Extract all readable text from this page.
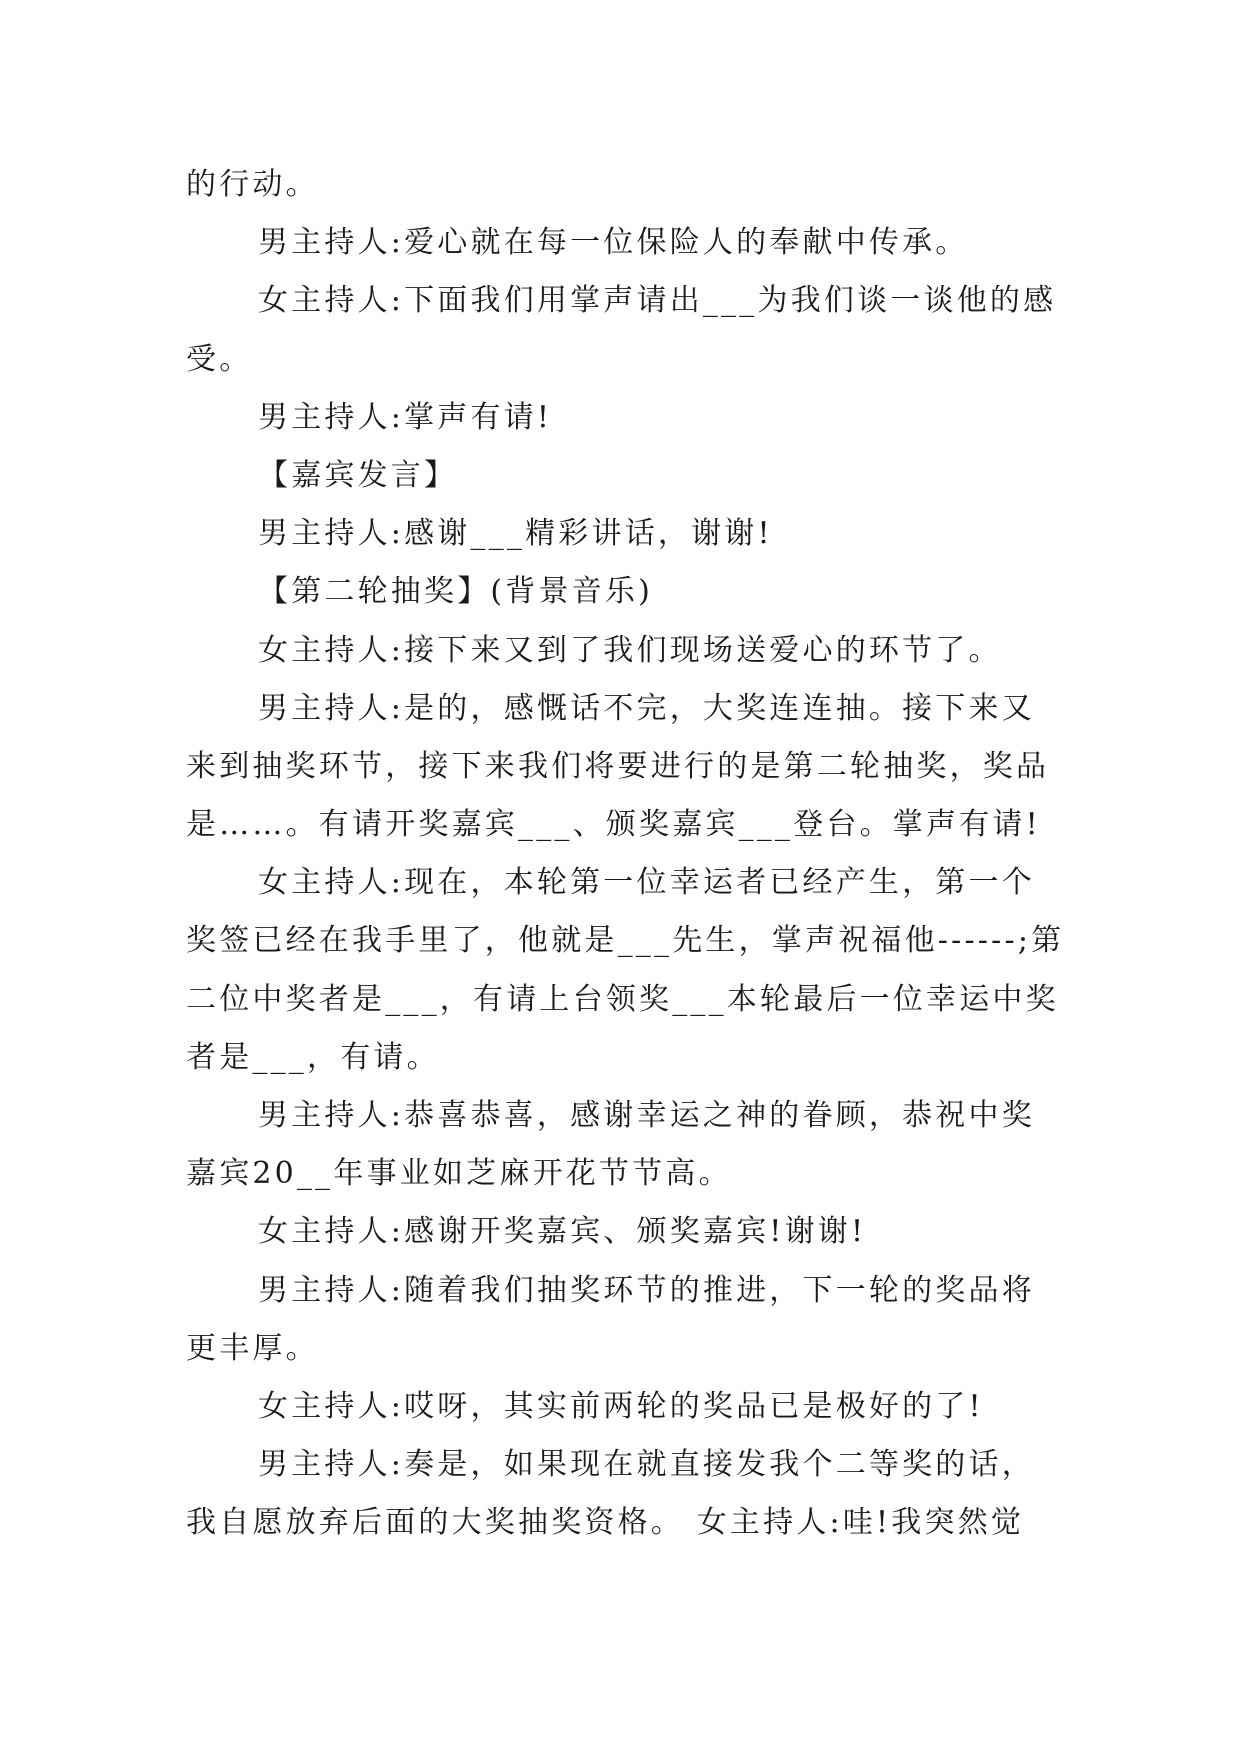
的行动。
男主持人:爱心就在每一位保险人的奉献中传承。
女主持人:下面我们用掌声请出___为我们谈一谈他的感
受。
男主持人:掌声有请!
【嘉宾发言】
男主持人:感谢___精彩讲话，谢谢!
【第二轮抽奖】(背景音乐)
女主持人:接下来又到了我们现场送爱心的环节了。
男主持人:是的，感慨话不完，大奖连连抽。接下来又
来到抽奖环节，接下来我们将要进行的是第二轮抽奖，奖品
是……。有请开奖嘉宾___、颁奖嘉宾___登台。掌声有请!
女主持人:现在，本轮第一位幸运者已经产生，第一个
奖签已经在我手里了，他就是___先生，掌声祝福他------;第
二位中奖者是___，有请上台领奖___本轮最后一位幸运中奖
者是___，有请。
男主持人:恭喜恭喜，感谢幸运之神的眷顾，恭祝中奖
嘉宾20__年事业如芝麻开花节节高。
女主持人:感谢开奖嘉宾、颁奖嘉宾!谢谢!
男主持人:随着我们抽奖环节的推进，下一轮的奖品将
更丰厚。
女主持人:哎呀，其实前两轮的奖品已是极好的了!
男主持人:奏是，如果现在就直接发我个二等奖的话，
我自愿放弃后面的大奖抽奖资格。 女主持人:哇!我突然觉
